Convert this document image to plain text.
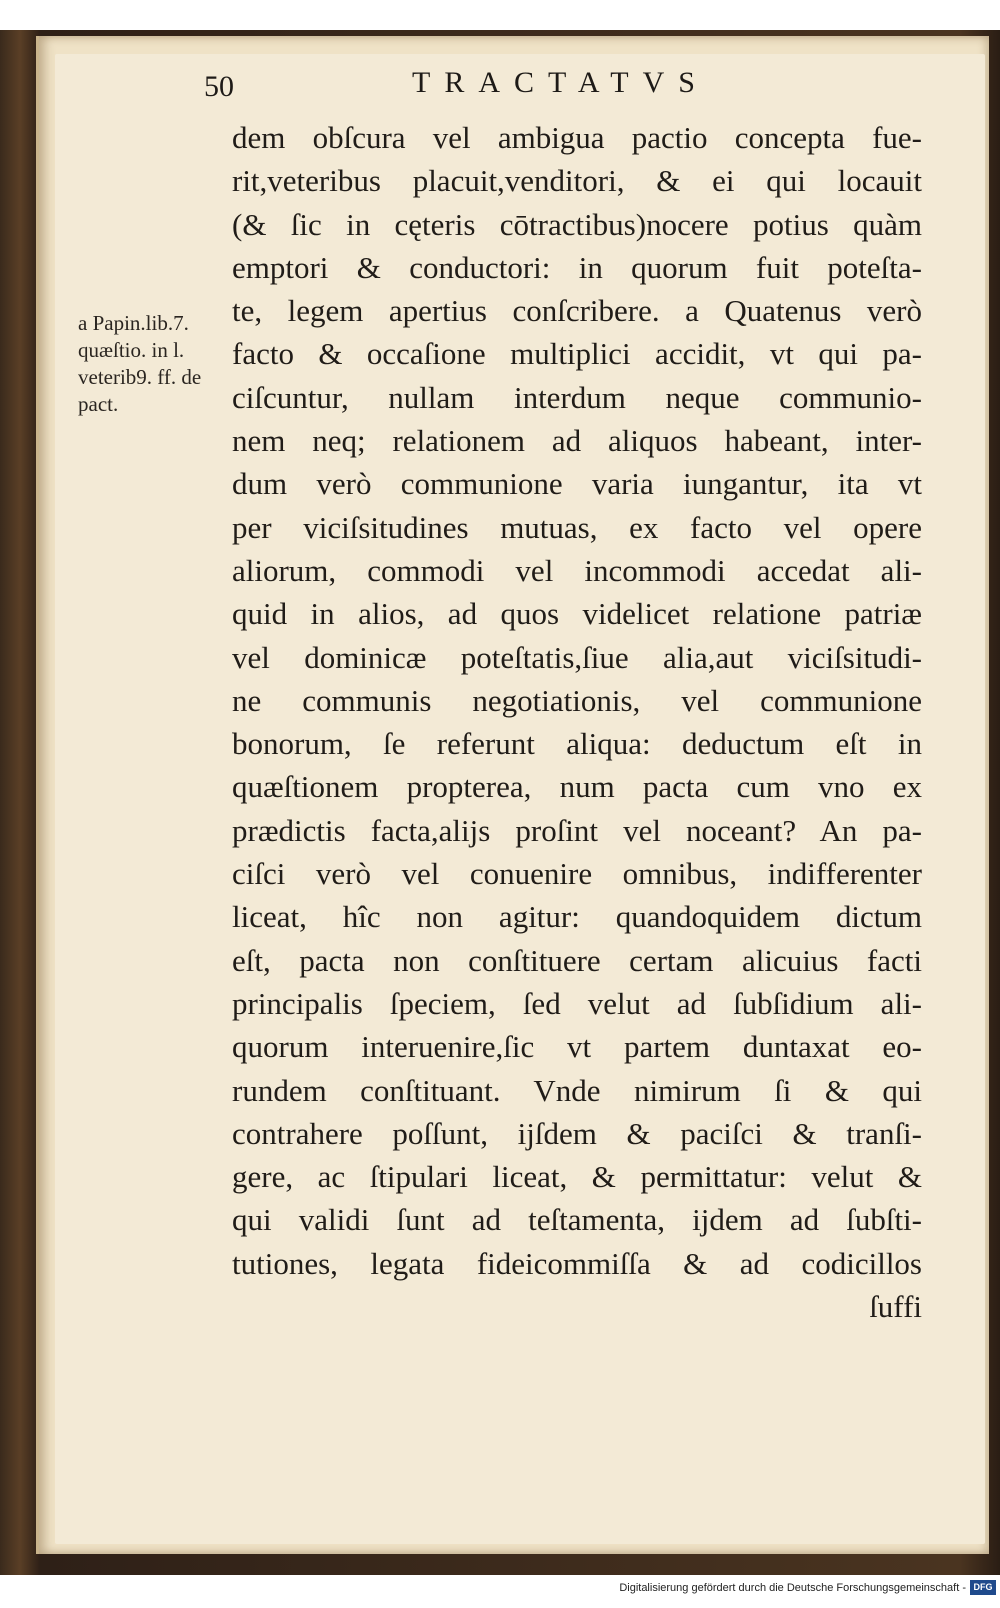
50	TRACTATVS
a Papin.lib.7.
quæſtio. in l.
veterib9. ff. de
pact.
dem obſcura vel ambigua pactio concepta fue-
rit,veteribus placuit,venditori, & ei qui locauit
(& ſic in cęteris cōtractibus)nocere potius quàm
emptori & conductori: in quorum fuit poteſta-
te, legem apertius conſcribere. a Quatenus verò
facto & occaſione multiplici accidit, vt qui pa-
ciſcuntur, nullam interdum neque communio-
nem neq; relationem ad aliquos habeant, inter-
dum verò communione varia iungantur, ita vt
per viciſsitudines mutuas, ex facto vel opere
aliorum, commodi vel incommodi accedat ali-
quid in alios, ad quos videlicet relatione patriæ
vel dominicæ poteſtatis,ſiue alia,aut viciſsitudi-
ne communis negotiationis, vel communione
bonorum, ſe referunt aliqua: deductum eſt in
quæſtionem propterea, num pacta cum vno ex
prædictis facta,alijs proſint vel noceant? An pa-
ciſci verò vel conuenire omnibus, indifferenter
liceat, hîc non agitur: quandoquidem dictum
eſt, pacta non conſtituere certam alicuius facti
principalis ſpeciem, ſed velut ad ſubſidium ali-
quorum interuenire,ſic vt partem duntaxat eo-
rundem conſtituant. Vnde nimirum ſi & qui
contrahere poſſunt, ijſdem & paciſci & tranſi-
gere, ac ſtipulari liceat, & permittatur: velut &
qui validi ſunt ad teſtamenta, ijdem ad ſubſti-
tutiones, legata fideicommiſſa & ad codicillos
ſuffi
Digitalisierung gefördert durch die Deutsche Forschungsgemeinschaft - DFG
